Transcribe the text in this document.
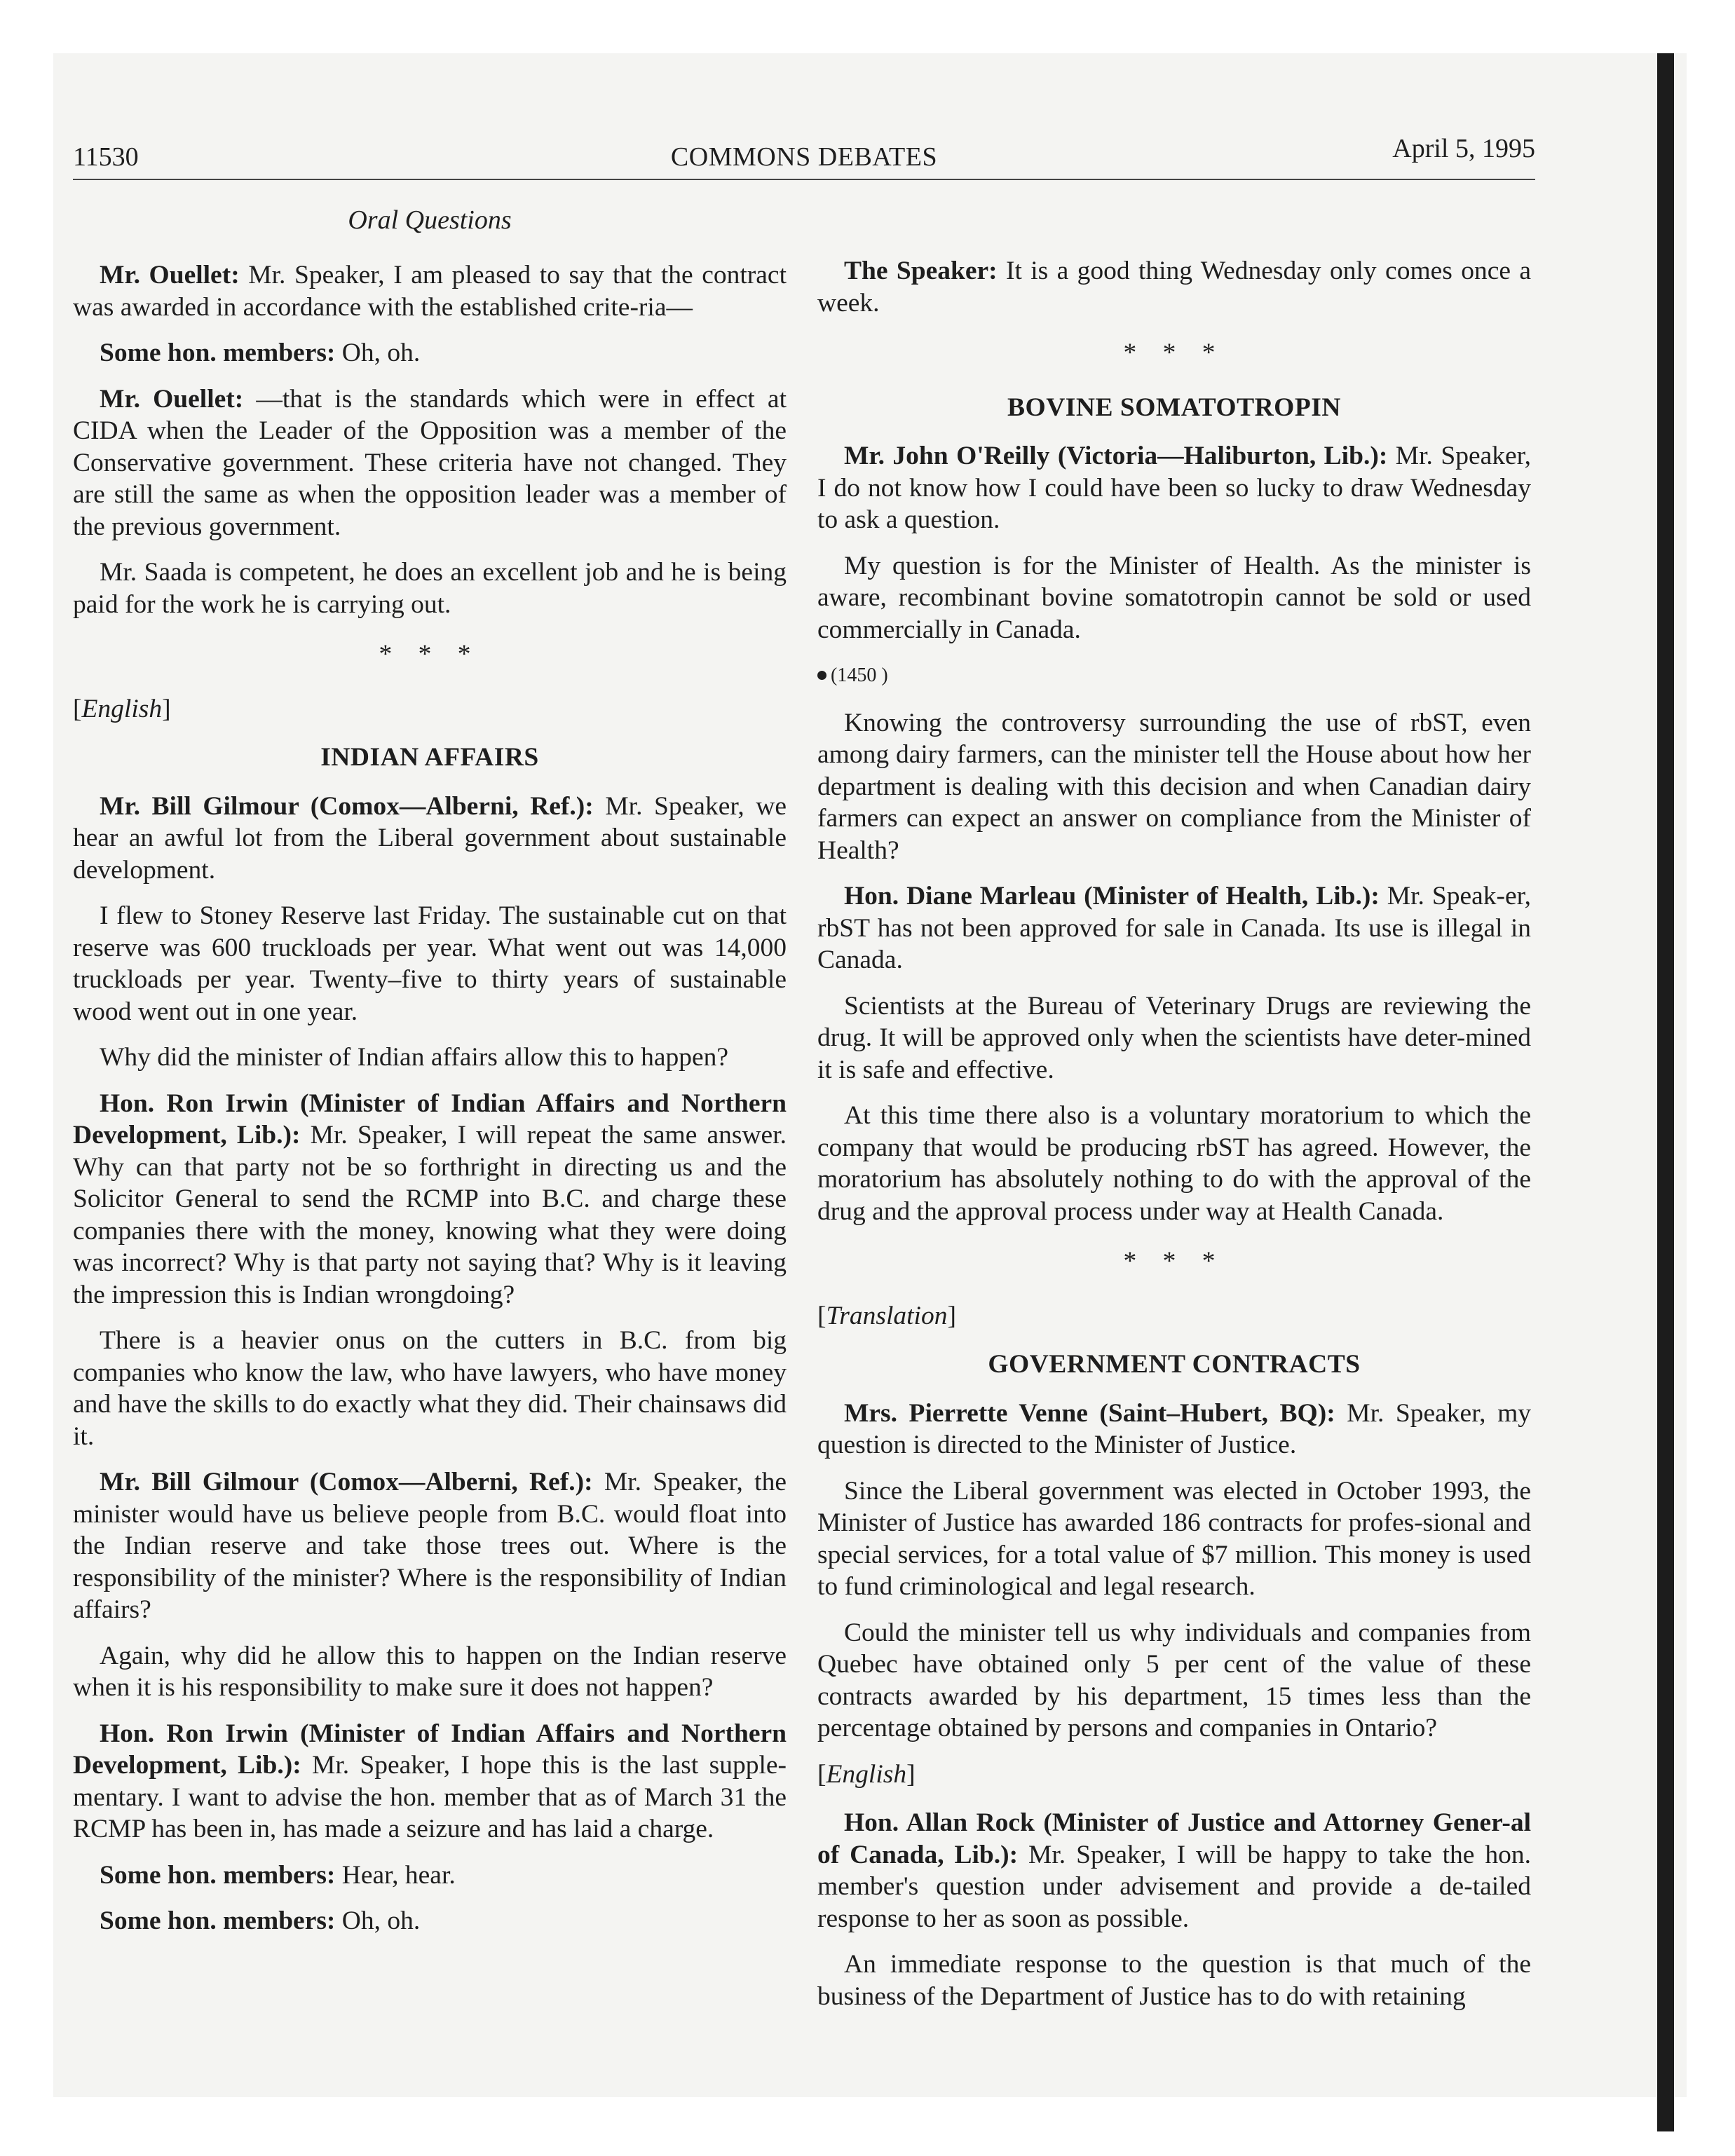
11530	COMMONS DEBATES	April 5, 1995
Oral Questions

Mr. Ouellet: Mr. Speaker, I am pleased to say that the contract was awarded in accordance with the established crite-ria—

Some hon. members: Oh, oh.

Mr. Ouellet: —that is the standards which were in effect at CIDA when the Leader of the Opposition was a member of the Conservative government. These criteria have not changed. They are still the same as when the opposition leader was a member of the previous government.

Mr. Saada is competent, he does an excellent job and he is being paid for the work he is carrying out.

* * *

[English]

INDIAN AFFAIRS

Mr. Bill Gilmour (Comox—Alberni, Ref.): Mr. Speaker, we hear an awful lot from the Liberal government about sustainable development.

I flew to Stoney Reserve last Friday. The sustainable cut on that reserve was 600 truckloads per year. What went out was 14,000 truckloads per year. Twenty–five to thirty years of sustainable wood went out in one year.

Why did the minister of Indian affairs allow this to happen?

Hon. Ron Irwin (Minister of Indian Affairs and Northern Development, Lib.): Mr. Speaker, I will repeat the same answer. Why can that party not be so forthright in directing us and the Solicitor General to send the RCMP into B.C. and charge these companies there with the money, knowing what they were doing was incorrect? Why is that party not saying that? Why is it leaving the impression this is Indian wrongdoing?

There is a heavier onus on the cutters in B.C. from big companies who know the law, who have lawyers, who have money and have the skills to do exactly what they did. Their chainsaws did it.

Mr. Bill Gilmour (Comox—Alberni, Ref.): Mr. Speaker, the minister would have us believe people from B.C. would float into the Indian reserve and take those trees out. Where is the responsibility of the minister? Where is the responsibility of Indian affairs?

Again, why did he allow this to happen on the Indian reserve when it is his responsibility to make sure it does not happen?

Hon. Ron Irwin (Minister of Indian Affairs and Northern Development, Lib.): Mr. Speaker, I hope this is the last supple-mentary. I want to advise the hon. member that as of March 31 the RCMP has been in, has made a seizure and has laid a charge.

Some hon. members: Hear, hear.

Some hon. members: Oh, oh.

The Speaker: It is a good thing Wednesday only comes once a week.

* * *

BOVINE SOMATOTROPIN

Mr. John O'Reilly (Victoria—Haliburton, Lib.): Mr. Speaker, I do not know how I could have been so lucky to draw Wednesday to ask a question.

My question is for the Minister of Health. As the minister is aware, recombinant bovine somatotropin cannot be sold or used commercially in Canada.

(1450 )

Knowing the controversy surrounding the use of rbST, even among dairy farmers, can the minister tell the House about how her department is dealing with this decision and when Canadian dairy farmers can expect an answer on compliance from the Minister of Health?

Hon. Diane Marleau (Minister of Health, Lib.): Mr. Speak-er, rbST has not been approved for sale in Canada. Its use is illegal in Canada.

Scientists at the Bureau of Veterinary Drugs are reviewing the drug. It will be approved only when the scientists have deter-mined it is safe and effective.

At this time there also is a voluntary moratorium to which the company that would be producing rbST has agreed. However, the moratorium has absolutely nothing to do with the approval of the drug and the approval process under way at Health Canada.

* * *

[Translation]

GOVERNMENT CONTRACTS

Mrs. Pierrette Venne (Saint–Hubert, BQ): Mr. Speaker, my question is directed to the Minister of Justice.

Since the Liberal government was elected in October 1993, the Minister of Justice has awarded 186 contracts for profes-sional and special services, for a total value of $7 million. This money is used to fund criminological and legal research.

Could the minister tell us why individuals and companies from Quebec have obtained only 5 per cent of the value of these contracts awarded by his department, 15 times less than the percentage obtained by persons and companies in Ontario?

[English]

Hon. Allan Rock (Minister of Justice and Attorney Gener-al of Canada, Lib.): Mr. Speaker, I will be happy to take the hon. member's question under advisement and provide a de-tailed response to her as soon as possible.

An immediate response to the question is that much of the business of the Department of Justice has to do with retaining
